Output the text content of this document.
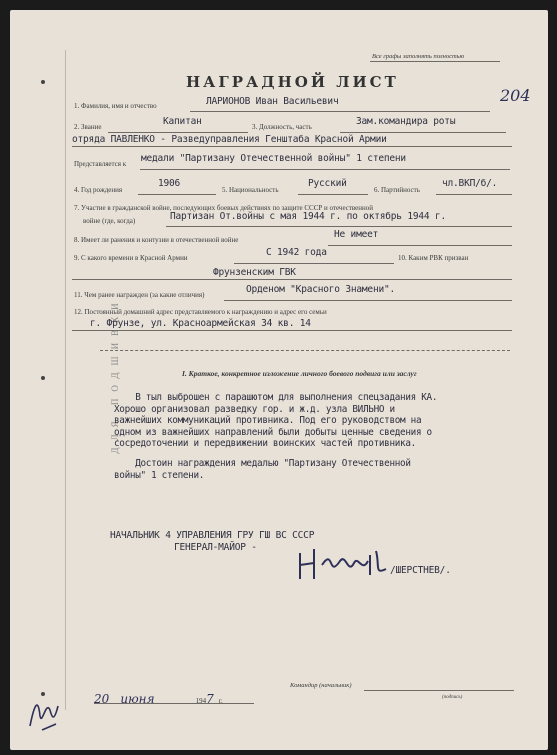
ДЛЯ ПОДШИВКИ
Все графы заполнять полностью
204
НАГРАДНОЙ ЛИСТ
1. Фамилия, имя и отчество	ЛАРИОНОВ Иван Васильевич
2. Звание	Капитан	3. Должность, часть	Зам.командира роты
отряда ПАВЛЕНКО - Разведуправления Генштаба Красной Армии
Представляется к медали "Партизану Отечественной войны" 1 степени
4. Год рождения
1906
5. Национальность
Русский
6. Партийность
чл.ВКП/б/.
7. Участие в гражданской войне, последующих боевых действиях по защите СССР и отечественной
войне (где, когда)	Партизан От.войны с мая 1944 г. по октябрь 1944 г.
8. Имеет ли ранения и контузии в отечественной войне	Не имеет
9. С какого времени в Красной Армии	С 1942 года	10. Каким РВК призван
Фрунзенским ГВК
11. Чем ранее награжден (за какие отличия)	Орденом "Красного Знамени".
12. Постоянный домашний адрес представляемого к награждению и адрес его семьи
г. Фрунзе, ул. Красноармейская 34 кв. 14
I. Краткое, конкретное изложение личного боевого подвига или заслуг
В тыл выброшен с парашютом для выполнения спецзадания КА.
Хорошо организовал разведку гор. и ж.д. узла ВИЛЬНО и
важнейших коммуникаций противника. Под его руководством на
одном из важнейших направлений были добыты ценные сведения о
сосредоточении и передвижении воинских частей противника.
Достоин награждения медалью "Партизану Отечественной
войны" 1 степени.
НАЧАЛЬНИК 4 УПРАВЛЕНИЯ ГРУ ГШ ВС СССР
ГЕНЕРАЛ-МАЙОР -
/ШЕРСТНЕВ/.
Командир (начальник)
(подпись)
20 июня	1947 г.
